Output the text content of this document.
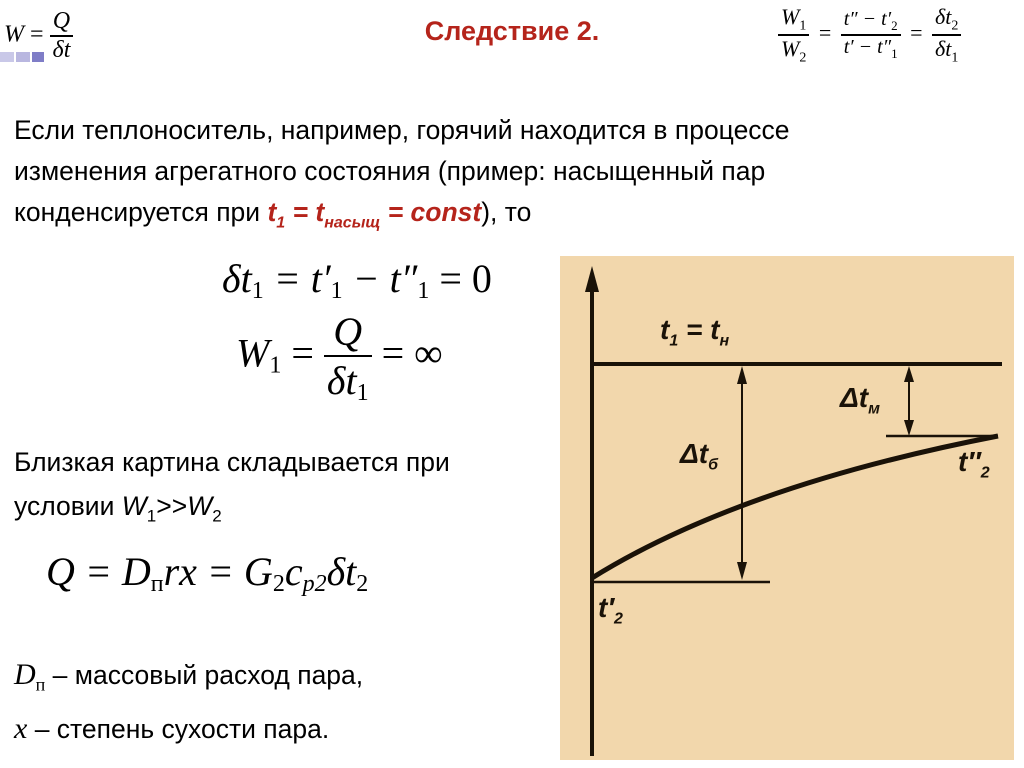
Следствие 2.
$W = \frac{Q}{\delta t}$	$\frac{W_1}{W_2} = \frac{t'' - t'_2}{t' - t''_1} = \frac{\delta t_2}{\delta t_1}$
Если теплоноситель, например, горячий находится в процессе
изменения агрегатного состояния (пример: насыщенный пар
конденсируется при $t_1 = t_{насыщ}$ = const), то
$\delta t_1 = t'_1 - t''_1 = 0$
$W_1 = \frac{Q}{\delta t_1}$ = ∞
Близкая картина складывается при
условии $W_1>>W_2$
$Q = D_пrx = G_2c_{p2}\delta t_2$
$D_п$ – массовый расход пара,
x – степень сухости пара.
$t_1 = t_н$
$\Delta t_м$
$\Delta t_б$	$t''_2$
$t'_2$
